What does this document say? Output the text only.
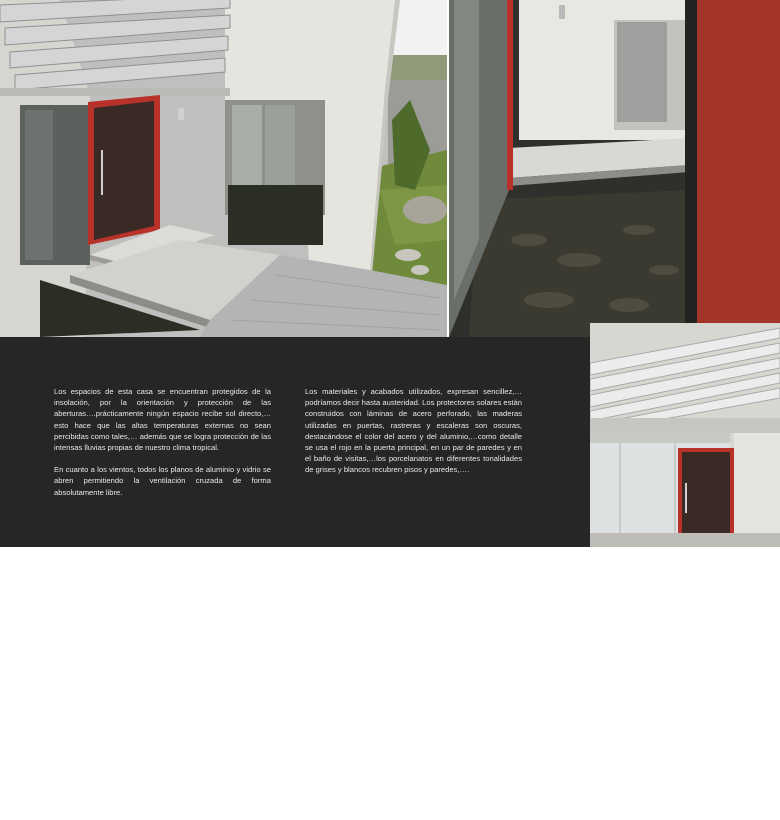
Los espacios de esta casa se encuentran protegidos de la insolación, por la orientación y protección de las aberturas….prácticamente ningún espacio recibe sol directo,…esto hace que las altas temperaturas externas no sean percibidas como tales,… además que se logra protección de las intensas lluvias propias de nuestro clima tropical.

En cuanto a los vientos, todos los planos de aluminio y vidrio se abren permitiendo la ventilación cruzada de forma absolutamente libre.

Los materiales y acabados utilizados, expresan sencillez,…podríamos decir hasta austeridad. Los protectores solares están construidos con láminas de acero perforado, las maderas utilizadas en puertas, rastreras y escaleras son oscuras, destacándose el color del acero y del aluminio,…como detalle se usa el rojo en la puerta principal, en un par de paredes y en el baño de visitas,…los porcelanatos en diferentes tonalidades de grises y blancos recubren pisos y paredes,….
